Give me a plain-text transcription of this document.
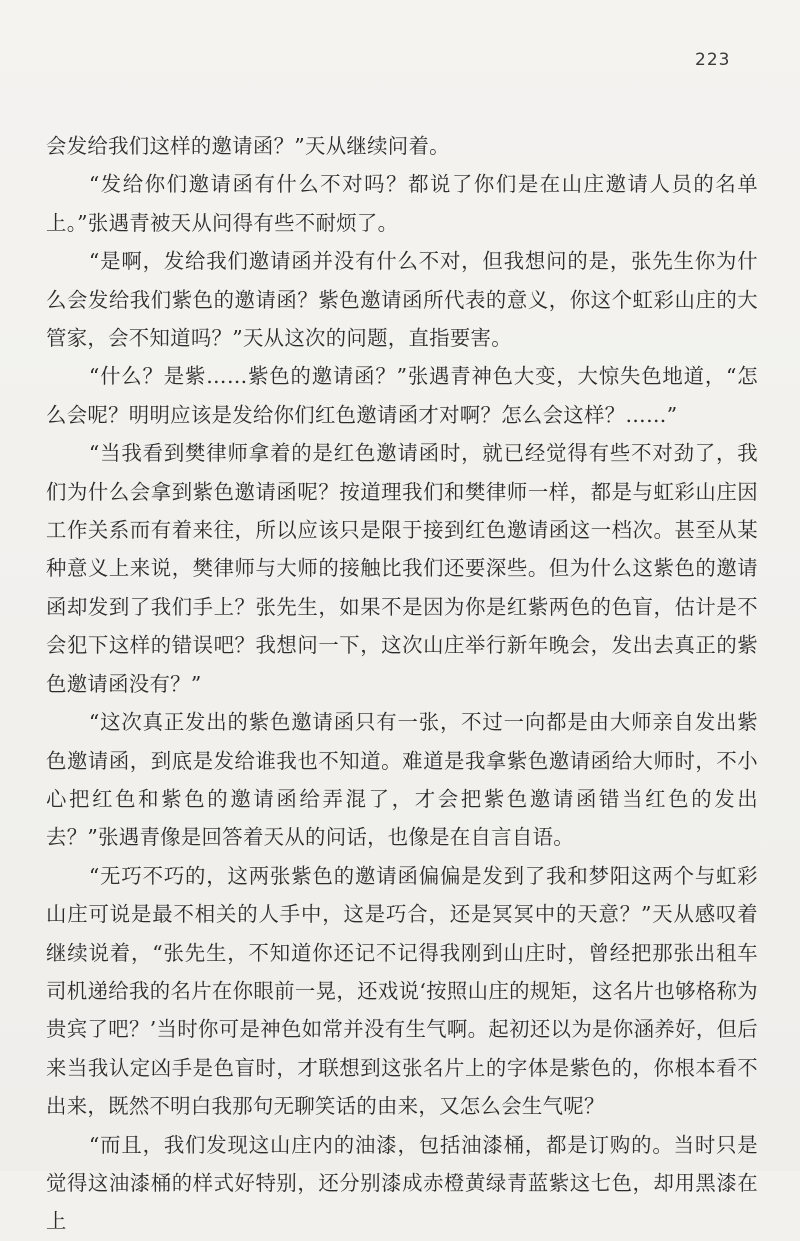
223

会发给我们这样的邀请函？”天从继续问着。

“发给你们邀请函有什么不对吗？都说了你们是在山庄邀请人员的名单上。”张遇青被天从问得有些不耐烦了。

“是啊，发给我们邀请函并没有什么不对，但我想问的是，张先生你为什么会发给我们紫色的邀请函？紫色邀请函所代表的意义，你这个虹彩山庄的大管家，会不知道吗？”天从这次的问题，直指要害。

“什么？是紫……紫色的邀请函？”张遇青神色大变，大惊失色地道，“怎么会呢？明明应该是发给你们红色邀请函才对啊？怎么会这样？……”

“当我看到樊律师拿着的是红色邀请函时，就已经觉得有些不对劲了，我们为什么会拿到紫色邀请函呢？按道理我们和樊律师一样，都是与虹彩山庄因工作关系而有着来往，所以应该只是限于接到红色邀请函这一档次。甚至从某种意义上来说，樊律师与大师的接触比我们还要深些。但为什么这紫色的邀请函却发到了我们手上？张先生，如果不是因为你是红紫两色的色盲，估计是不会犯下这样的错误吧？我想问一下，这次山庄举行新年晚会，发出去真正的紫色邀请函没有？”

“这次真正发出的紫色邀请函只有一张，不过一向都是由大师亲自发出紫色邀请函，到底是发给谁我也不知道。难道是我拿紫色邀请函给大师时，不小心把红色和紫色的邀请函给弄混了，才会把紫色邀请函错当红色的发出去？”张遇青像是回答着天从的问话，也像是在自言自语。

“无巧不巧的，这两张紫色的邀请函偏偏是发到了我和梦阳这两个与虹彩山庄可说是最不相关的人手中，这是巧合，还是冥冥中的天意？”天从感叹着继续说着，“张先生，不知道你还记不记得我刚到山庄时，曾经把那张出租车司机递给我的名片在你眼前一晃，还戏说‘按照山庄的规矩，这名片也够格称为贵宾了吧？’当时你可是神色如常并没有生气啊。起初还以为是你涵养好，但后来当我认定凶手是色盲时，才联想到这张名片上的字体是紫色的，你根本看不出来，既然不明白我那句无聊笑话的由来，又怎么会生气呢？

“而且，我们发现这山庄内的油漆，包括油漆桶，都是订购的。当时只是觉得这油漆桶的样式好特别，还分别漆成赤橙黄绿青蓝紫这七色，却用黑漆在上
